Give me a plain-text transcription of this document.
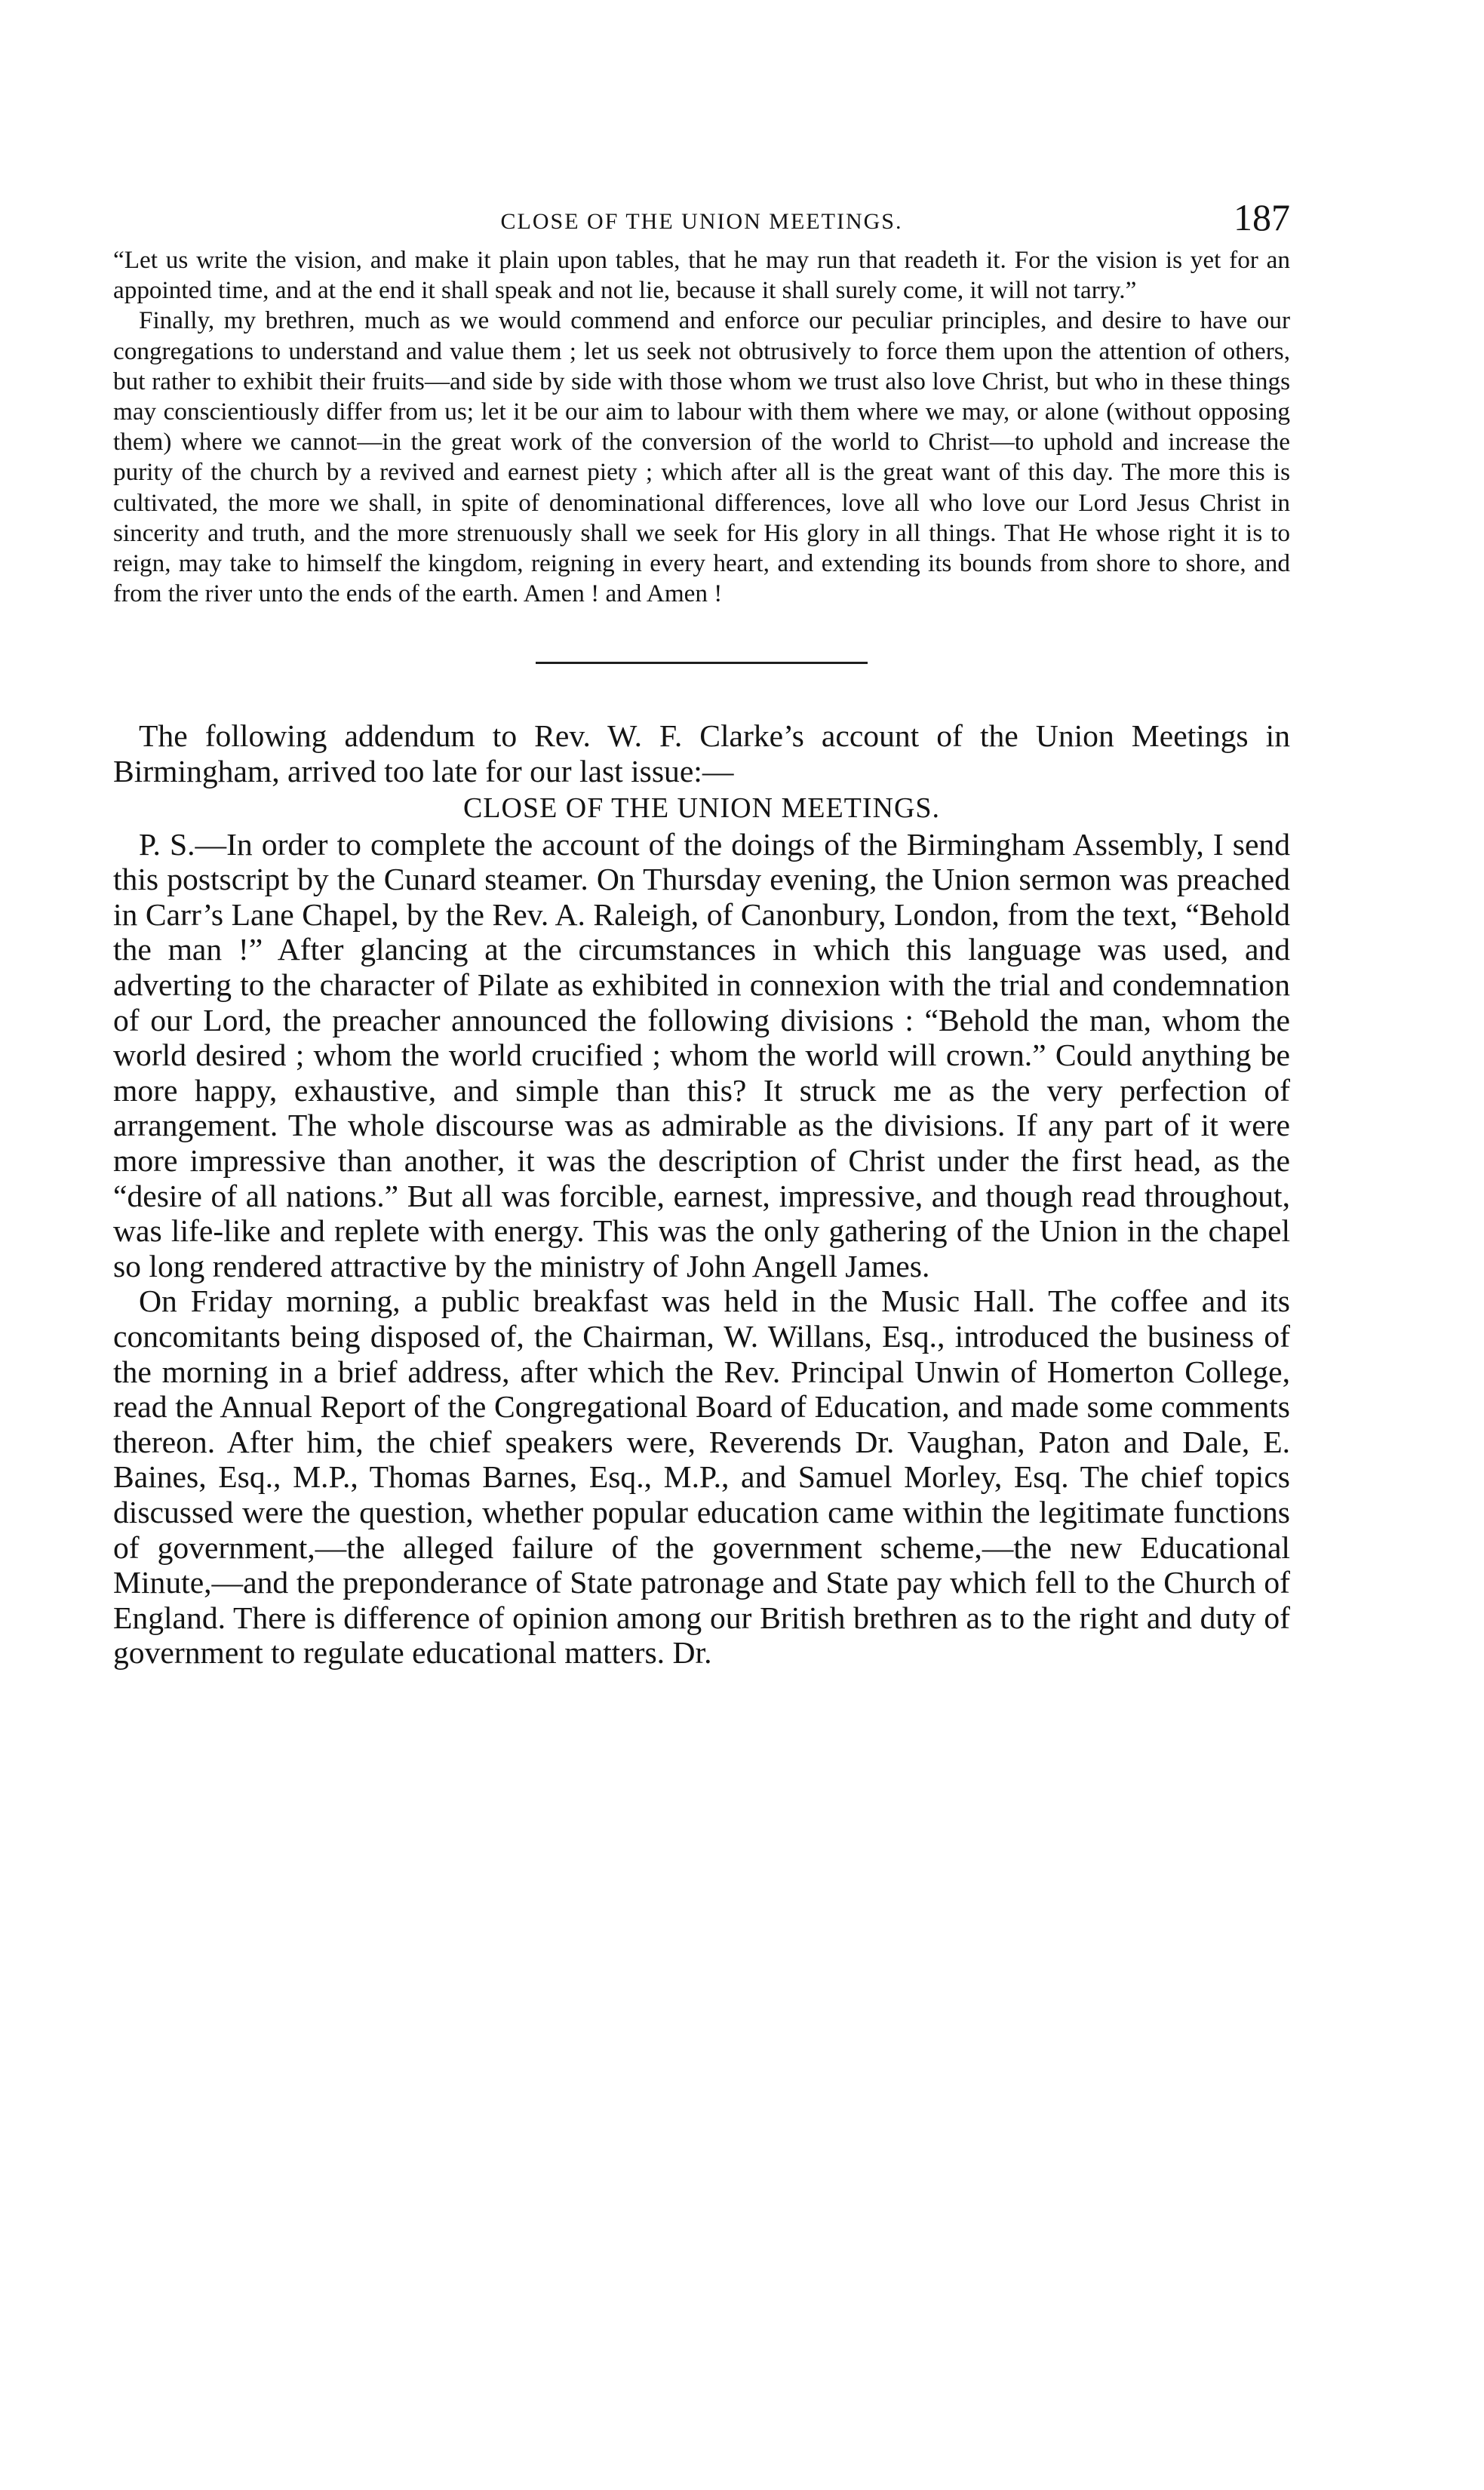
CLOSE OF THE UNION MEETINGS.	187

“Let us write the vision, and make it plain upon tables, that he may run that readeth it. For the vision is yet for an appointed time, and at the end it shall speak and not lie, because it shall surely come, it will not tarry.”

Finally, my brethren, much as we would commend and enforce our peculiar principles, and desire to have our congregations to understand and value them ; let us seek not obtrusively to force them upon the attention of others, but rather to exhibit their fruits—and side by side with those whom we trust also love Christ, but who in these things may conscientiously differ from us; let it be our aim to labour with them where we may, or alone (without opposing them) where we cannot—in the great work of the conversion of the world to Christ—to uphold and increase the purity of the church by a revived and earnest piety ; which after all is the great want of this day. The more this is cultivated, the more we shall, in spite of denominational differences, love all who love our Lord Jesus Christ in sincerity and truth, and the more strenuously shall we seek for His glory in all things. That He whose right it is to reign, may take to himself the kingdom, reigning in every heart, and extending its bounds from shore to shore, and from the river unto the ends of the earth. Amen ! and Amen !

The following addendum to Rev. W. F. Clarke’s account of the Union Meetings in Birmingham, arrived too late for our last issue:—

CLOSE OF THE UNION MEETINGS.

P. S.—In order to complete the account of the doings of the Birmingham Assembly, I send this postscript by the Cunard steamer. On Thursday evening, the Union sermon was preached in Carr’s Lane Chapel, by the Rev. A. Raleigh, of Canonbury, London, from the text, “Behold the man !” After glancing at the circumstances in which this language was used, and adverting to the character of Pilate as exhibited in connexion with the trial and condemnation of our Lord, the preacher announced the following divisions : “Behold the man, whom the world desired ; whom the world crucified ; whom the world will crown.” Could anything be more happy, exhaustive, and simple than this? It struck me as the very perfection of arrangement. The whole discourse was as admirable as the divisions. If any part of it were more impressive than another, it was the description of Christ under the first head, as the “desire of all nations.” But all was forcible, earnest, impressive, and though read throughout, was life-like and replete with energy. This was the only gathering of the Union in the chapel so long rendered attractive by the ministry of John Angell James.

On Friday morning, a public breakfast was held in the Music Hall. The coffee and its concomitants being disposed of, the Chairman, W. Willans, Esq., introduced the business of the morning in a brief address, after which the Rev. Principal Unwin of Homerton College, read the Annual Report of the Congregational Board of Education, and made some comments thereon. After him, the chief speakers were, Reverends Dr. Vaughan, Paton and Dale, E. Baines, Esq., M.P., Thomas Barnes, Esq., M.P., and Samuel Morley, Esq. The chief topics discussed were the question, whether popular education came within the legitimate functions of government,—the alleged failure of the government scheme,—the new Educational Minute,—and the preponderance of State patronage and State pay which fell to the Church of England. There is difference of opinion among our British brethren as to the right and duty of government to regulate educational matters. Dr.
